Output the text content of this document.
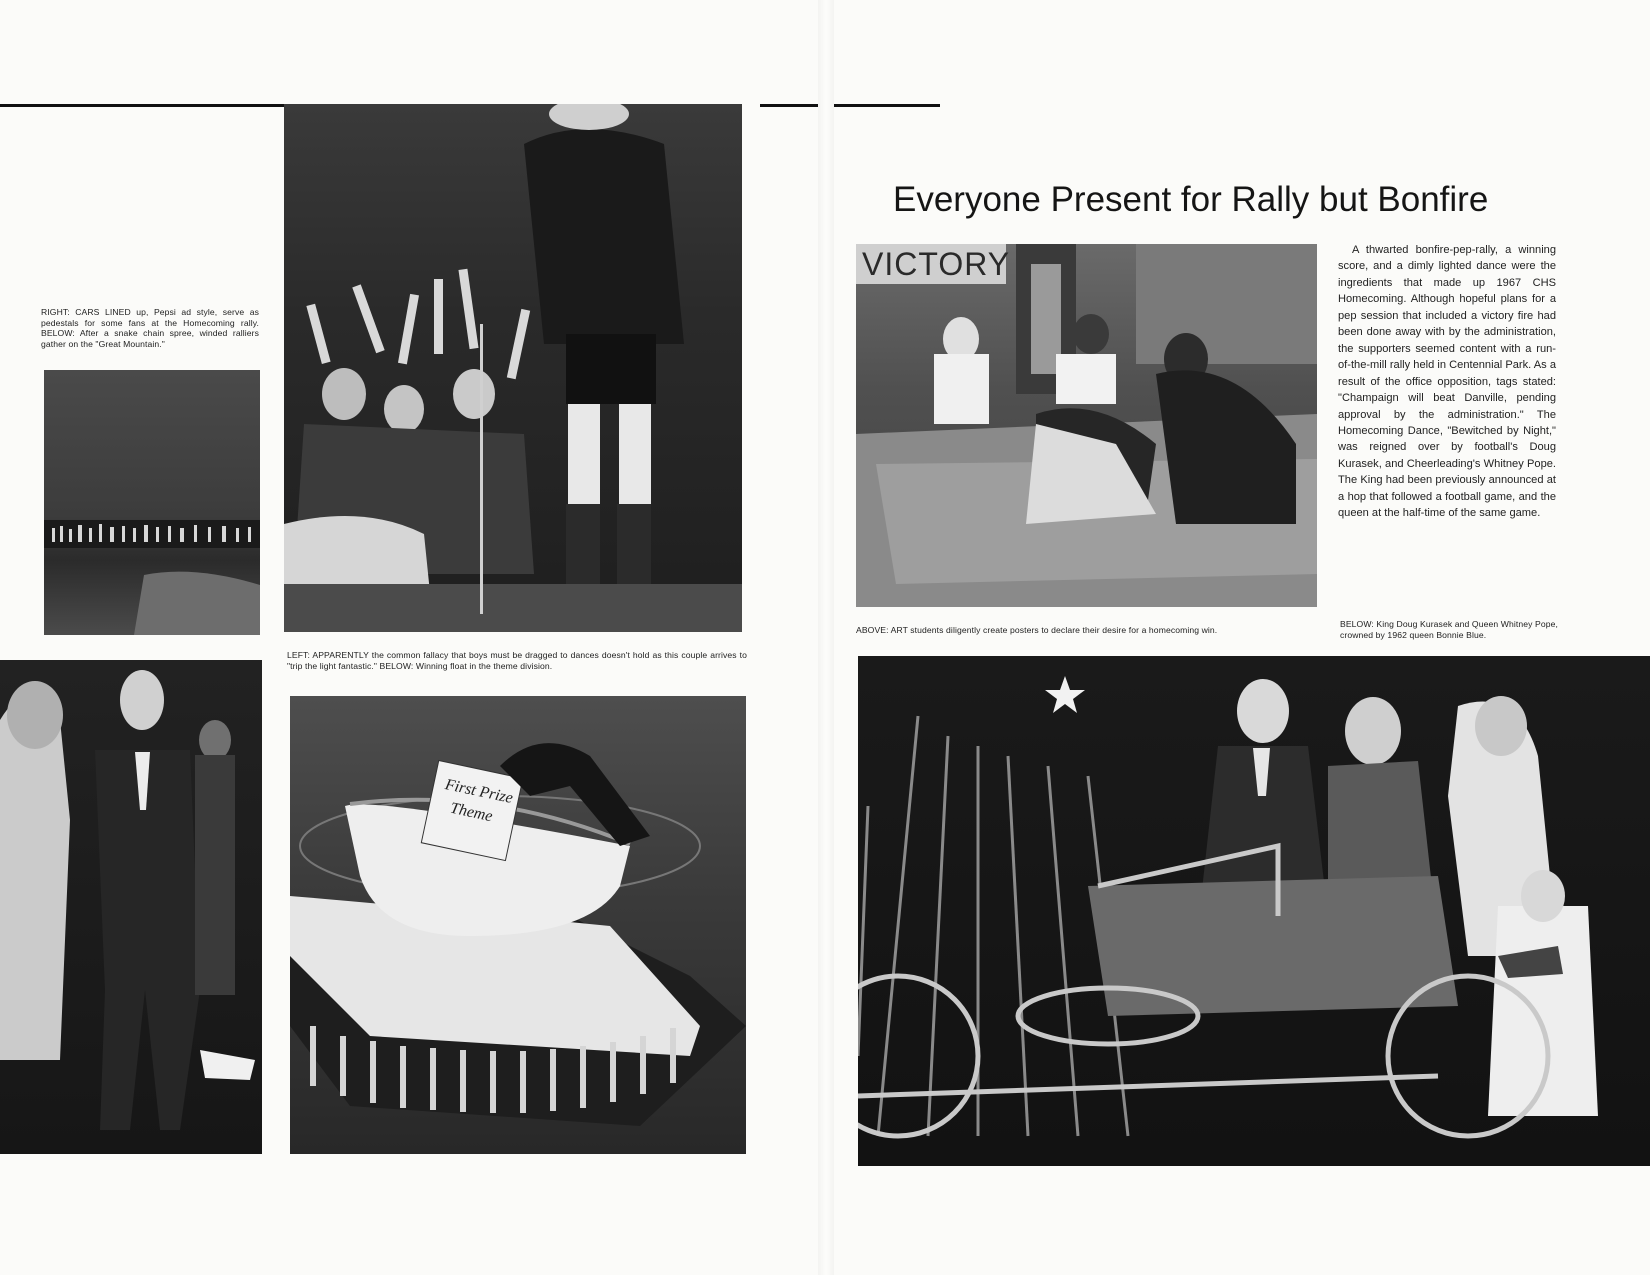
RIGHT: CARS LINED up, Pepsi ad style, serve as pedestals for some fans at the Homecoming rally. BELOW: After a snake chain spree, winded ralliers gather on the "Great Mountain."
LEFT: APPARENTLY the common fallacy that boys must be dragged to dances doesn't hold as this couple arrives to "trip the light fantastic." BELOW: Winning float in the theme division.
First Prize
Theme
Everyone Present for Rally but Bonfire
VICTORY	A thwarted bonfire-pep-rally, a winning score, and a dimly lighted dance were the ingredients that made up 1967 CHS Homecoming. Although hopeful plans for a pep session that included a victory fire had been done away with by the administration, the supporters seemed content with a run-of-the-mill rally held in Centennial Park. As a result of the office opposition, tags stated: "Champaign will beat Danville, pending approval by the administration." The Homecoming Dance, "Bewitched by Night," was reigned over by football's Doug Kurasek, and Cheerleading's Whitney Pope. The King had been previously announced at a hop that followed a football game, and the queen at the half-time of the same game.
ABOVE: ART students diligently create posters to declare their desire for a homecoming win.
BELOW: King Doug Kurasek and Queen Whitney Pope, crowned by 1962 queen Bonnie Blue.
